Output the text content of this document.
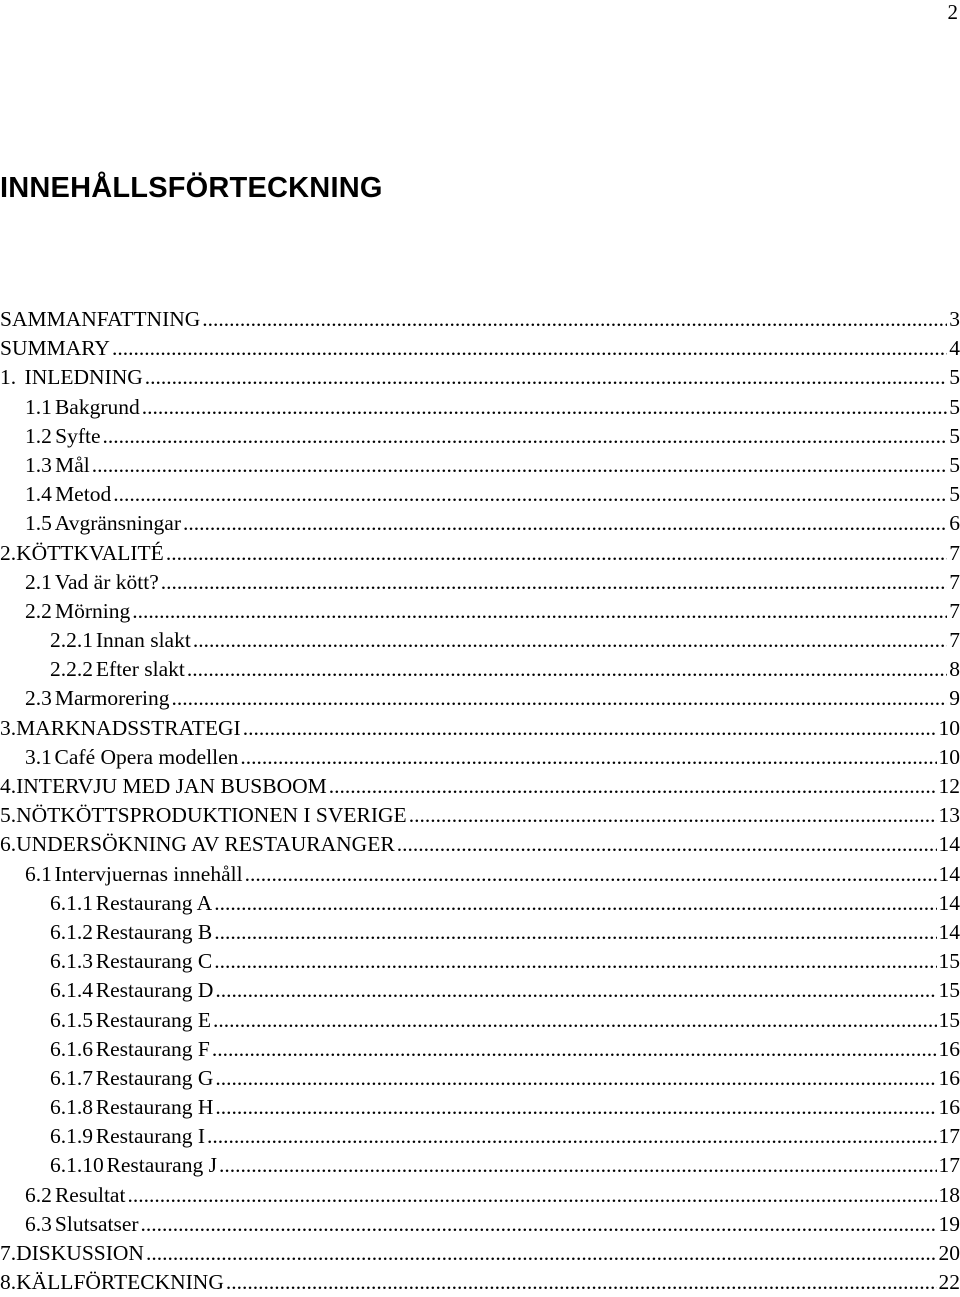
2
INNEHÅLLSFÖRTECKNING
SAMMANFATTNING .....	3
SUMMARY .....	4
1. INLEDNING .....	5
1.1 Bakgrund .....	5
1.2 Syfte .....	5
1.3 Mål .....	5
1.4 Metod .....	5
1.5 Avgränsningar .....	6
2. KÖTTKVALITÉ .....	7
2.1 Vad är kött? .....	7
2.2 Mörning .....	7
2.2.1 Innan slakt .....	7
2.2.2 Efter slakt .....	8
2.3 Marmorering .....	9
3. MARKNADSSTRATEGI .....	10
3.1 Café Opera modellen .....	10
4. INTERVJU MED JAN BUSBOOM .....	12
5. NÖTKÖTTSPRODUKTIONEN I SVERIGE .....	13
6. UNDERSÖKNING AV RESTAURANGER .....	14
6.1 Intervjuernas innehåll .....	14
6.1.1 Restaurang A .....	14
6.1.2 Restaurang B .....	14
6.1.3 Restaurang C .....	15
6.1.4 Restaurang D .....	15
6.1.5 Restaurang E .....	15
6.1.6 Restaurang F .....	16
6.1.7 Restaurang G .....	16
6.1.8 Restaurang H .....	16
6.1.9 Restaurang I .....	17
6.1.10 Restaurang J .....	17
6.2 Resultat .....	18
6.3 Slutsatser .....	19
7. DISKUSSION .....	20
8. KÄLLFÖRTECKNING .....	22
